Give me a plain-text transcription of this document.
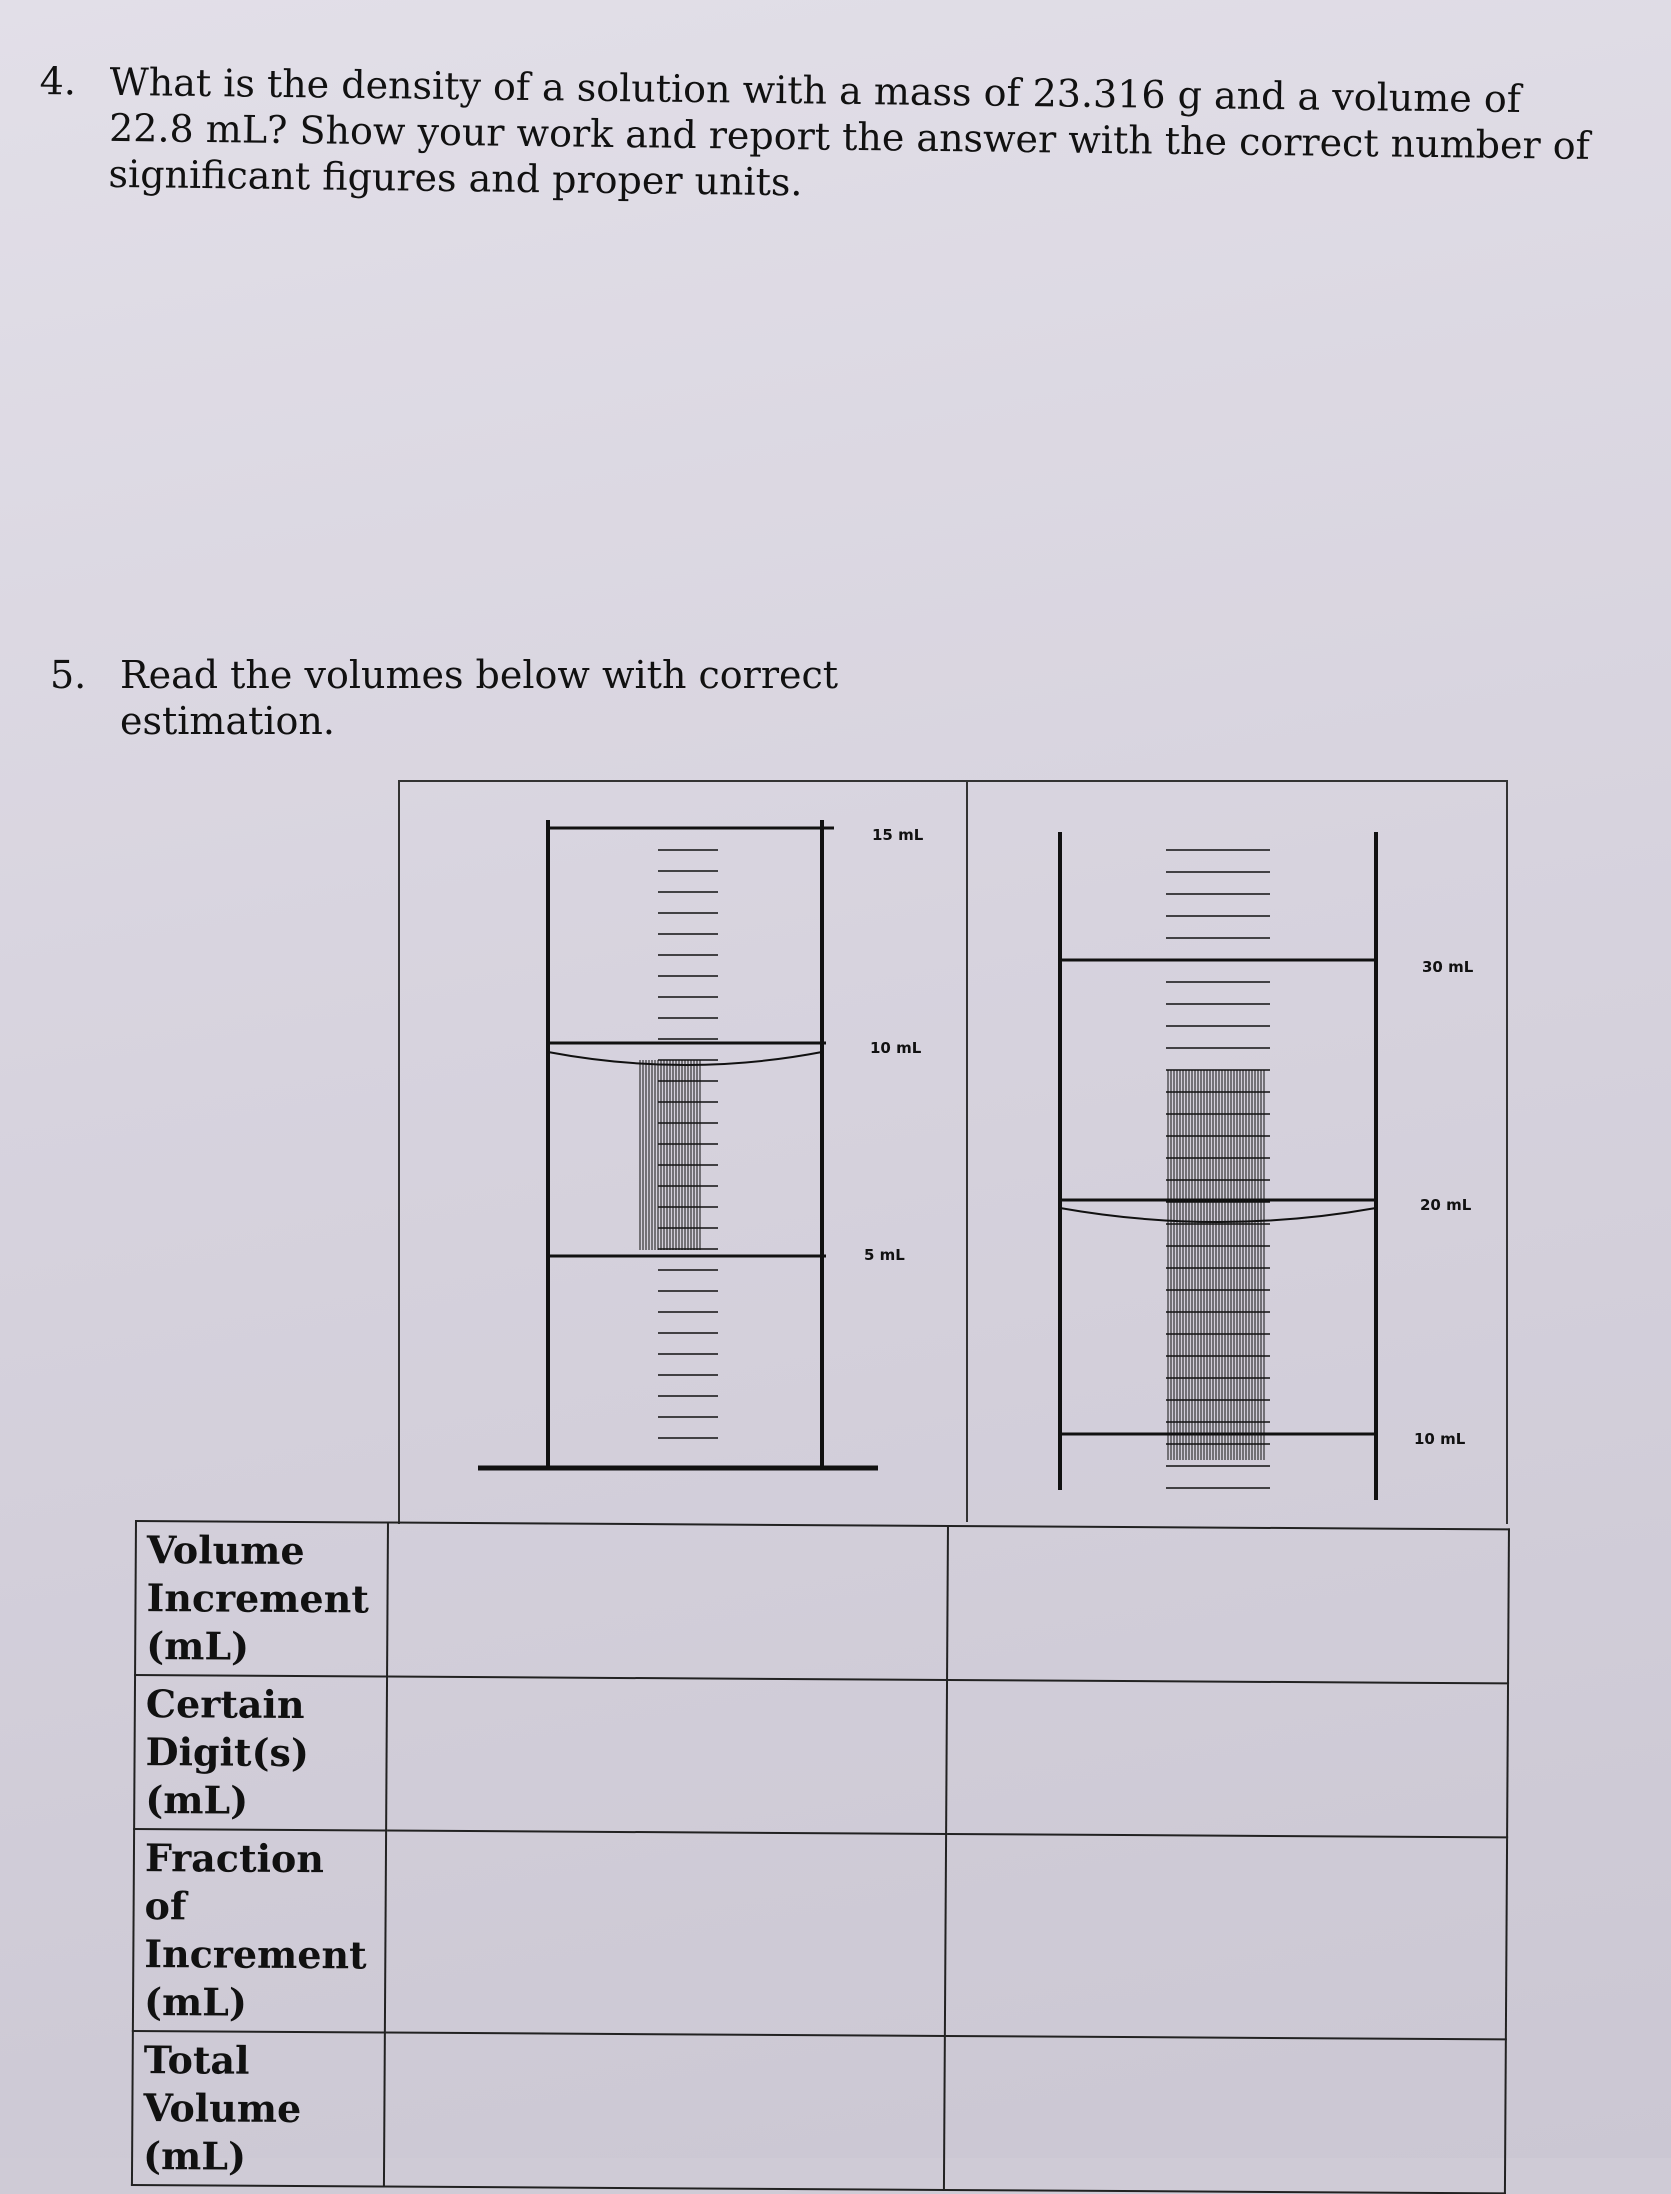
4. What is the density of a solution with a mass of 23.316 g and a volume of 22.8 mL? Show your work and report the answer with the correct number of significant figures and proper units.
5. Read the volumes below with correct estimation.
15 mL
10 mL
5 mL
30 mL
20 mL
10 mL
Volume Increment (mL)		
Certain Digit(s) (mL)		
Fraction of Increment (mL)		
Total Volume (mL)		
